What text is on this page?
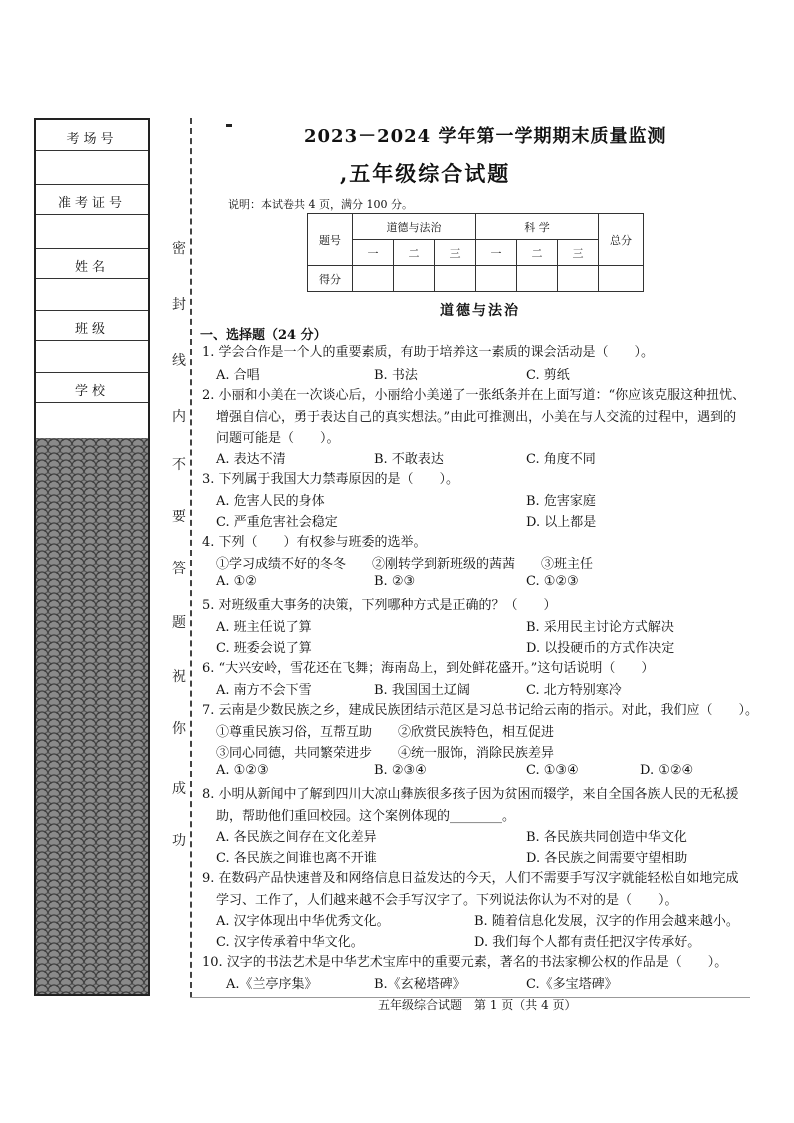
考场号
准考证号
姓名
班级
学校
密
封
线
内
不
要
答
题
祝
你
成
功
2023－2024 学年第一学期期末质量监测
,五年级综合试题
说明：本试卷共 4 页，满分 100 分。
题号	道德与法治			科 学			总分
	一	二	三	一	二	三	
得分							
道德与法治
一、选择题（24 分）
1. 学会合作是一个人的重要素质，有助于培养这一素质的课会活动是（　　）。
A. 合唱	B. 书法	C. 剪纸
2. 小丽和小美在一次谈心后，小丽给小美递了一张纸条并在上面写道：“你应该克服这种扭忧、
增强自信心，勇于表达自己的真实想法。”由此可推测出，小美在与人交流的过程中，遇到的
问题可能是（　　）。
A. 表达不清	B. 不敢表达	C. 角度不同
3. 下列属于我国大力禁毒原因的是（　　）。
A. 危害人民的身体	B. 危害家庭
C. 严重危害社会稳定	D. 以上都是
4. 下列（　　）有权参与班委的选举。
①学习成绩不好的冬冬　　②刚转学到新班级的茜茜　　③班主任
A. ①②	B. ②③	C. ①②③
5. 对班级重大事务的决策，下列哪种方式是正确的？（　　）
A. 班主任说了算	B. 采用民主讨论方式解决
C. 班委会说了算	D. 以投硬币的方式作决定
6. “大兴安岭，雪花还在飞舞；海南岛上，到处鲜花盛开。”这句话说明（　　）
A. 南方不会下雪	B. 我国国土辽阔	C. 北方特别寒冷
7. 云南是少数民族之乡，建成民族团结示范区是习总书记给云南的指示。对此，我们应（　　）。
①尊重民族习俗，互帮互助　　②欣赏民族特色，相互促进
③同心同德，共同繁荣进步　　④统一服饰，消除民族差异
A. ①②③	B. ②③④	C. ①③④	D. ①②④
8. 小明从新闻中了解到四川大凉山彝族很多孩子因为贫困而辍学，来自全国各族人民的无私援
助，帮助他们重回校园。这个案例体现的________。
A. 各民族之间存在文化差异	B. 各民族共同创造中华文化
C. 各民族之间谁也离不开谁	D. 各民族之间需要守望相助
9. 在数码产品快速普及和网络信息日益发达的今天，人们不需要手写汉字就能轻松自如地完成
学习、工作了，人们越来越不会手写汉字了。下列说法你认为不对的是（　　）。
A. 汉字体现出中华优秀文化。	B. 随着信息化发展，汉字的作用会越来越小。
C. 汉字传承着中华文化。	D. 我们每个人都有责任把汉字传承好。
10. 汉字的书法艺术是中华艺术宝库中的重要元素，著名的书法家柳公权的作品是（　　）。
A.《兰亭序集》	B.《玄秘塔碑》	C.《多宝塔碑》
五年级综合试题　第 1 页（共 4 页）
